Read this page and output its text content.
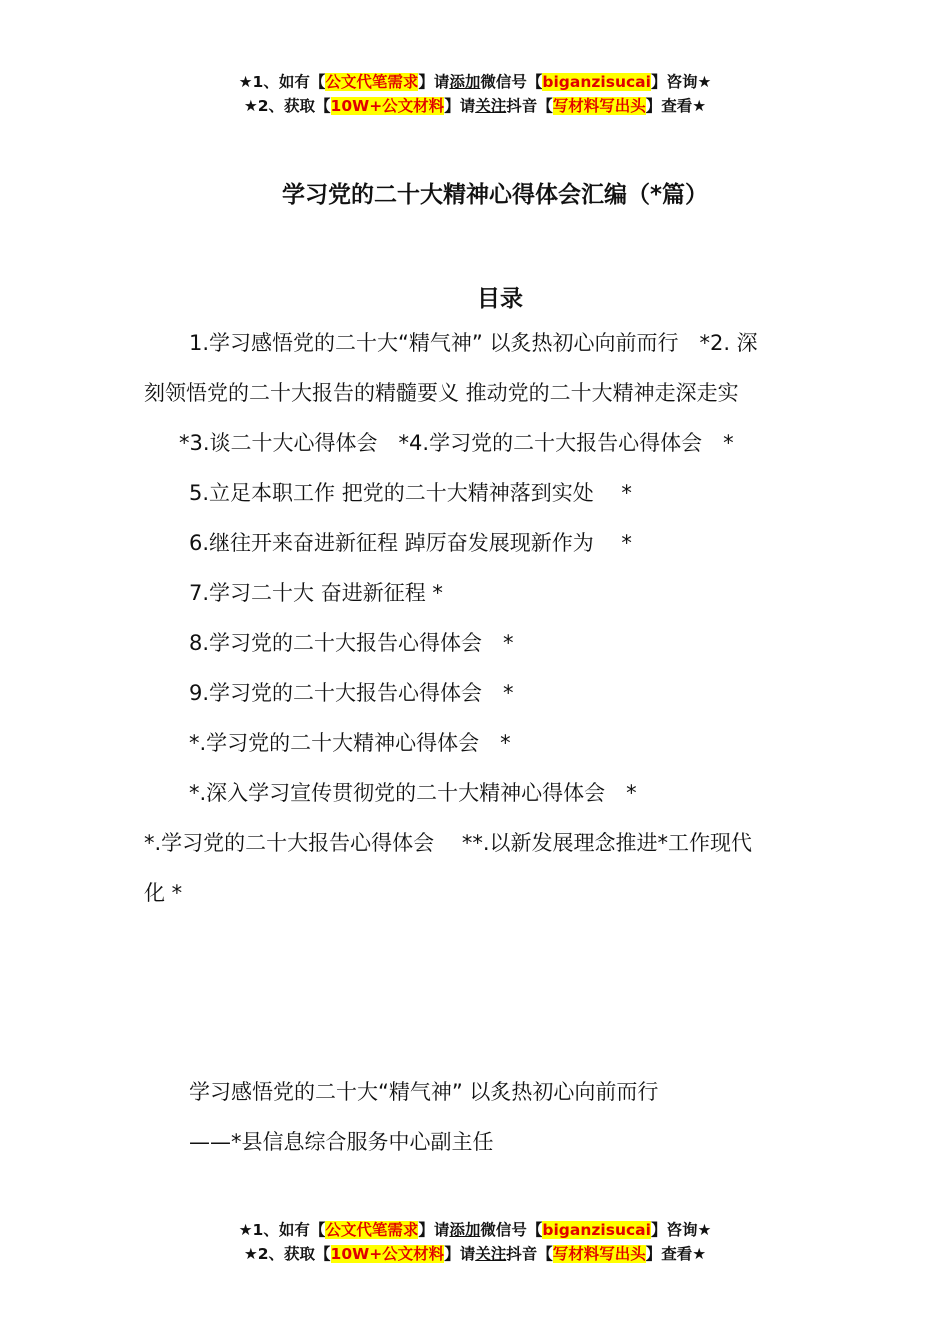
★1、如有【公文代笔需求】请添加微信号【biganzisucai】咨询★
★2、获取【10W+公文材料】请关注抖音【写材料写出头】查看★
学习党的二十大精神心得体会汇编（*篇）
目录
1.学习感悟党的二十大“精气神” 以炙热初心向前而行　*2. 深
刻领悟党的二十大报告的精髓要义 推动党的二十大精神走深走实
*3.谈二十大心得体会　*4.学习党的二十大报告心得体会　*
5.立足本职工作 把党的二十大精神落到实处　 *
6.继往开来奋进新征程 踔厉奋发展现新作为　 *
7.学习二十大 奋进新征程 *
8.学习党的二十大报告心得体会　*
9.学习党的二十大报告心得体会　*
*.学习党的二十大精神心得体会　*
*.深入学习宣传贯彻党的二十大精神心得体会　*
*.学习党的二十大报告心得体会　 **.以新发展理念推进*工作现代
化 *
学习感悟党的二十大“精气神” 以炙热初心向前而行
——*县信息综合服务中心副主任
★1、如有【公文代笔需求】请添加微信号【biganzisucai】咨询★
★2、获取【10W+公文材料】请关注抖音【写材料写出头】查看★
